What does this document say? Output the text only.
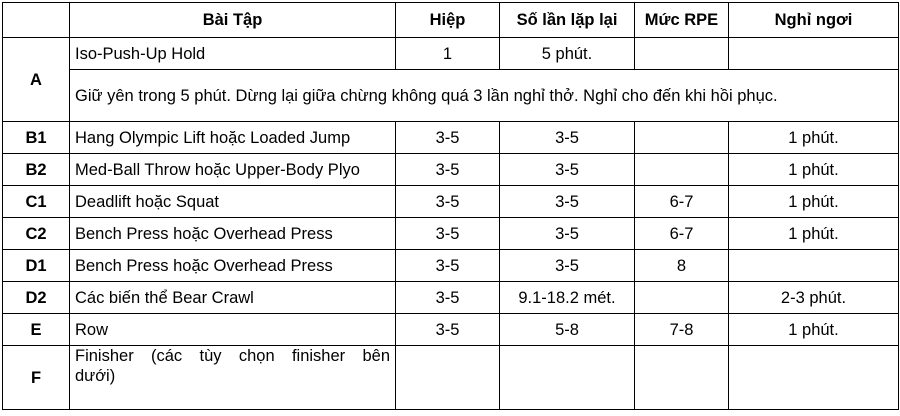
	Bài Tập	Hiệp	Số lần lặp lại	Mức RPE	Nghỉ ngơi
A	Iso-Push-Up Hold	1	5 phút.		
	Giữ yên trong 5 phút. Dừng lại giữa chừng không quá 3 lần nghỉ thở. Nghỉ cho đến khi hồi phục.				
B1	Hang Olympic Lift hoặc Loaded Jump	3-5	3-5		1 phút.
B2	Med-Ball Throw hoặc Upper-Body Plyo	3-5	3-5		1 phút.
C1	Deadlift hoặc Squat	3-5	3-5	6-7	1 phút.
C2	Bench Press hoặc Overhead Press	3-5	3-5	6-7	1 phút.
D1	Bench Press hoặc Overhead Press	3-5	3-5	8	
D2	Các biến thể Bear Crawl	3-5	9.1-18.2 mét.		2-3 phút.
E	Row	3-5	5-8	7-8	1 phút.
F	Finisher (các tùy chọn finisher bên
dưới)				
